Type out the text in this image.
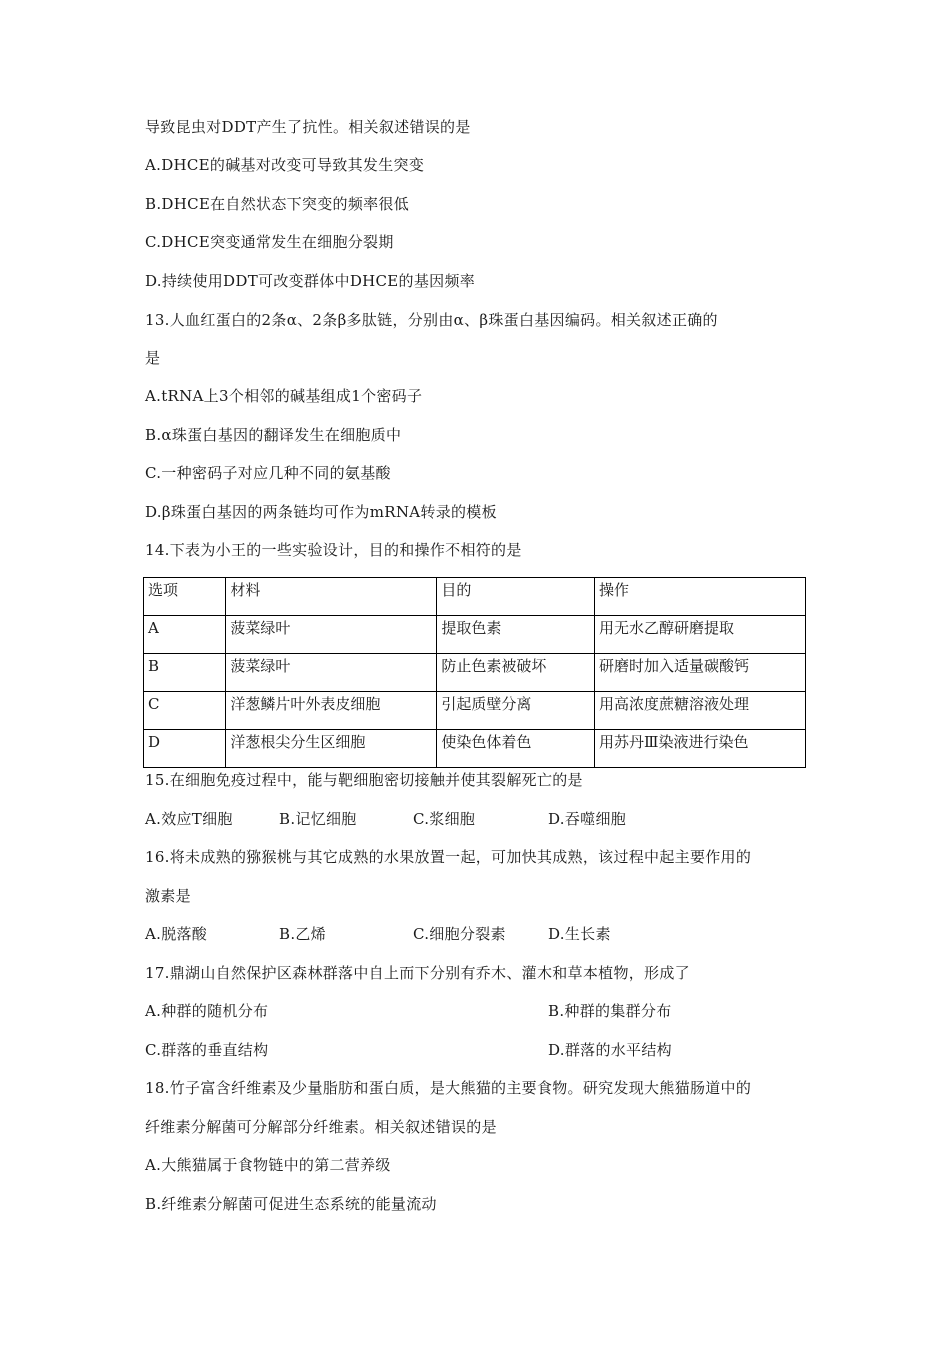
导致昆虫对DDT产生了抗性。相关叙述错误的是
A.DHCE的碱基对改变可导致其发生突变
B.DHCE在自然状态下突变的频率很低
C.DHCE突变通常发生在细胞分裂期
D.持续使用DDT可改变群体中DHCE的基因频率
13.人血红蛋白的2条α、2条β多肽链，分别由α、β珠蛋白基因编码。相关叙述正确的
是
A.tRNA上3个相邻的碱基组成1个密码子
B.α珠蛋白基因的翻译发生在细胞质中
C.一种密码子对应几种不同的氨基酸
D.β珠蛋白基因的两条链均可作为mRNA转录的模板
14.下表为小王的一些实验设计，目的和操作不相符的是
选项	材料	目的	操作
A	菠菜绿叶	提取色素	用无水乙醇研磨提取
B	菠菜绿叶	防止色素被破坏	研磨时加入适量碳酸钙
C	洋葱鳞片叶外表皮细胞	引起质壁分离	用高浓度蔗糖溶液处理
D	洋葱根尖分生区细胞	使染色体着色	用苏丹Ⅲ染液进行染色
15.在细胞免疫过程中，能与靶细胞密切接触并使其裂解死亡的是
A.效应T细胞	B.记忆细胞	C.浆细胞	D.吞噬细胞
16.将未成熟的猕猴桃与其它成熟的水果放置一起，可加快其成熟，该过程中起主要作用的
激素是
A.脱落酸	B.乙烯	C.细胞分裂素	D.生长素
17.鼎湖山自然保护区森林群落中自上而下分别有乔木、灌木和草本植物，形成了
A.种群的随机分布	B.种群的集群分布
C.群落的垂直结构	D.群落的水平结构
18.竹子富含纤维素及少量脂肪和蛋白质，是大熊猫的主要食物。研究发现大熊猫肠道中的
纤维素分解菌可分解部分纤维素。相关叙述错误的是
A.大熊猫属于食物链中的第二营养级
B.纤维素分解菌可促进生态系统的能量流动
